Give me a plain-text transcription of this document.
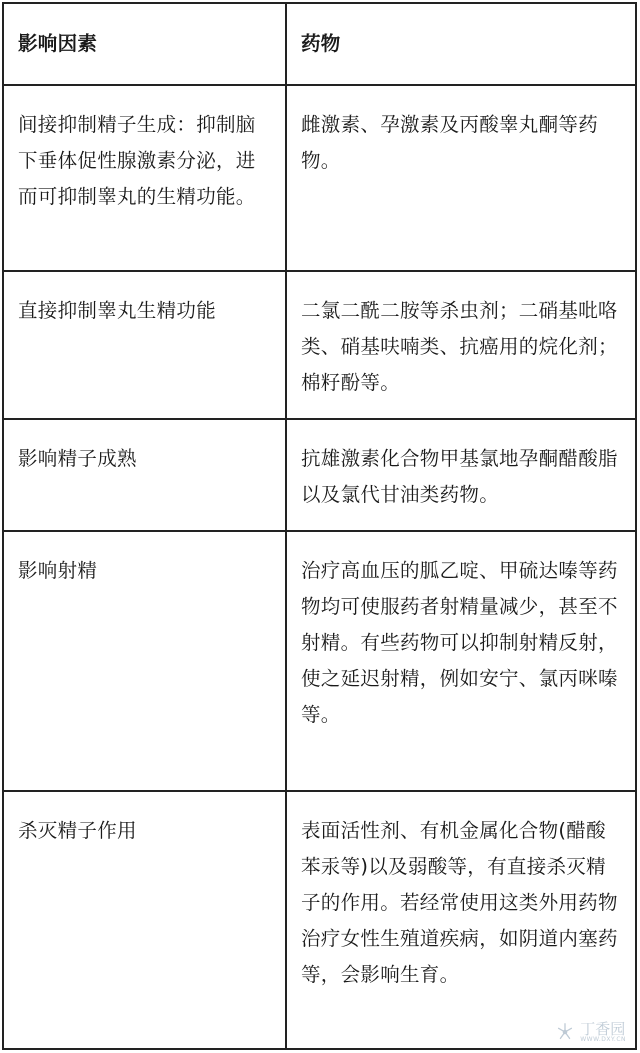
影响因素	药物
间接抑制精子生成：抑制脑下垂体促性腺激素分泌，进而可抑制睾丸的生精功能。	雌激素、孕激素及丙酸睾丸酮等药物。
直接抑制睾丸生精功能	二氯二酰二胺等杀虫剂；二硝基吡咯类、硝基呋喃类、抗癌用的烷化剂；棉籽酚等。
影响精子成熟	抗雄激素化合物甲基氯地孕酮醋酸脂以及氯代甘油类药物。
影响射精	治疗高血压的胍乙啶、甲硫达嗪等药物均可使服药者射精量减少，甚至不射精。有些药物可以抑制射精反射，使之延迟射精，例如安宁、氯丙咪嗪等。
杀灭精子作用	表面活性剂、有机金属化合物(醋酸苯汞等)以及弱酸等，有直接杀灭精子的作用。若经常使用这类外用药物治疗女性生殖道疾病，如阴道内塞药等，会影响生育。
丁香园
WWW.DXY.CN
